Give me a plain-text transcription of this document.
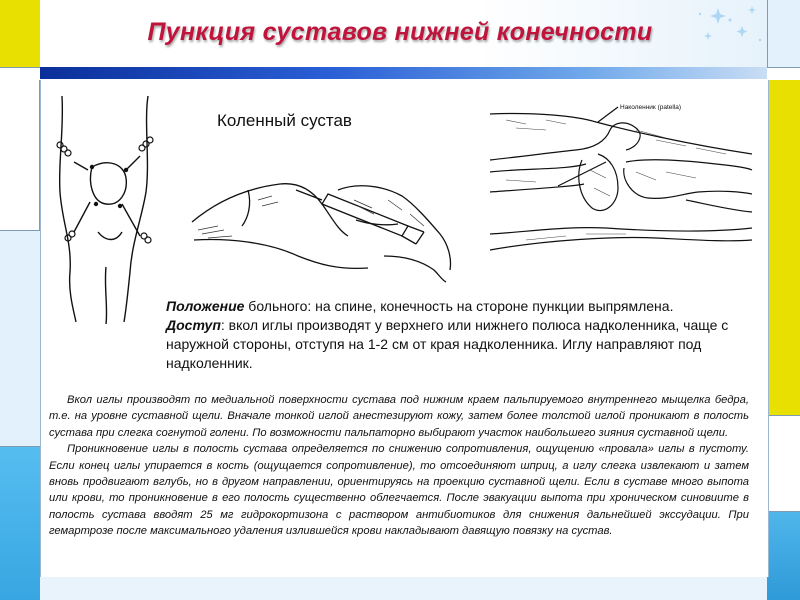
Пункция суставов нижней конечности
Коленный сустав
Наколенник (patella)
Положение больного: на спине, конечность на стороне пункции выпрямлена.
Доступ: вкол иглы производят у верхнего или нижнего полюса надколенника, чаще с наружной стороны, отступя на 1-2 см от края надколенника. Иглу направляют под надколенник.

Вкол иглы производят по медиальной поверхности сустава под нижним краем пальпируемого внутреннего мыщелка бедра, т.е. на уровне суставной щели. Вначале тонкой иглой анестезируют кожу, затем более толстой иглой проникают в полость сустава при слегка согнутой голени. По возможности пальпаторно выбирают участок наибольшего зияния суставной щели.

Проникновение иглы в полость сустава определяется по снижению сопротивления, ощущению «провала» иглы в пустоту. Если конец иглы упирается в кость (ощущается сопротивление), то отсоединяют шприц, а иглу слегка извлекают и затем вновь продвигают вглубь, но в другом направлении, ориентируясь на проекцию суставной щели. Если в суставе много выпота или крови, то проникновение в его полость существенно облегчается. После эвакуации выпота при хроническом синовиите в полость сустава вводят 25 мг гидрокортизона с раствором антибиотиков для снижения дальнейшей экссудации. При гемартрозе после максимального удаления излившейся крови накладывают давящую повязку на сустав.
